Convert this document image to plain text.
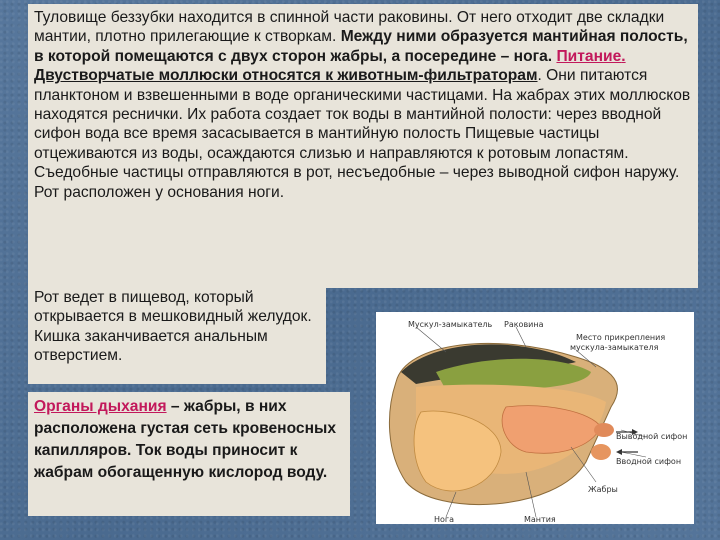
Туловище беззубки находится в спинной части раковины. От него отходит две складки мантии, плотно прилегающие к створкам. Между ними образуется мантийная полость, в которой помещаются с двух сторон жабры, а посередине – нога. Питание. Двустворчатые моллюски относятся к животным-фильтраторам. Они питаются планктоном и взвешенными в воде органическими частицами. На жабрах этих моллюсков находятся реснички. Их работа создает ток воды в мантийной полости: через вводной сифон вода все время засасывается в мантийную полость Пищевые частицы отцеживаются из воды, осаждаются слизью и направляются к ротовым лопастям. Съедобные частицы отправляются в рот, несъедобные – через выводной сифон наружу. Рот расположен у основания ноги.

Рот ведет в пищевод, который открывается в мешковидный желудок. Кишка заканчивается анальным отверстием.

Органы дыхания – жабры, в них расположена густая сеть кровеносных капилляров. Ток воды приносит к жабрам обогащенную кислород воду.
Мускул-замыкатель Раковина
Место прикрепления
мускула-замыкателя
Выводной сифон
Вводной сифон
Жабры
Нога	Мантия
